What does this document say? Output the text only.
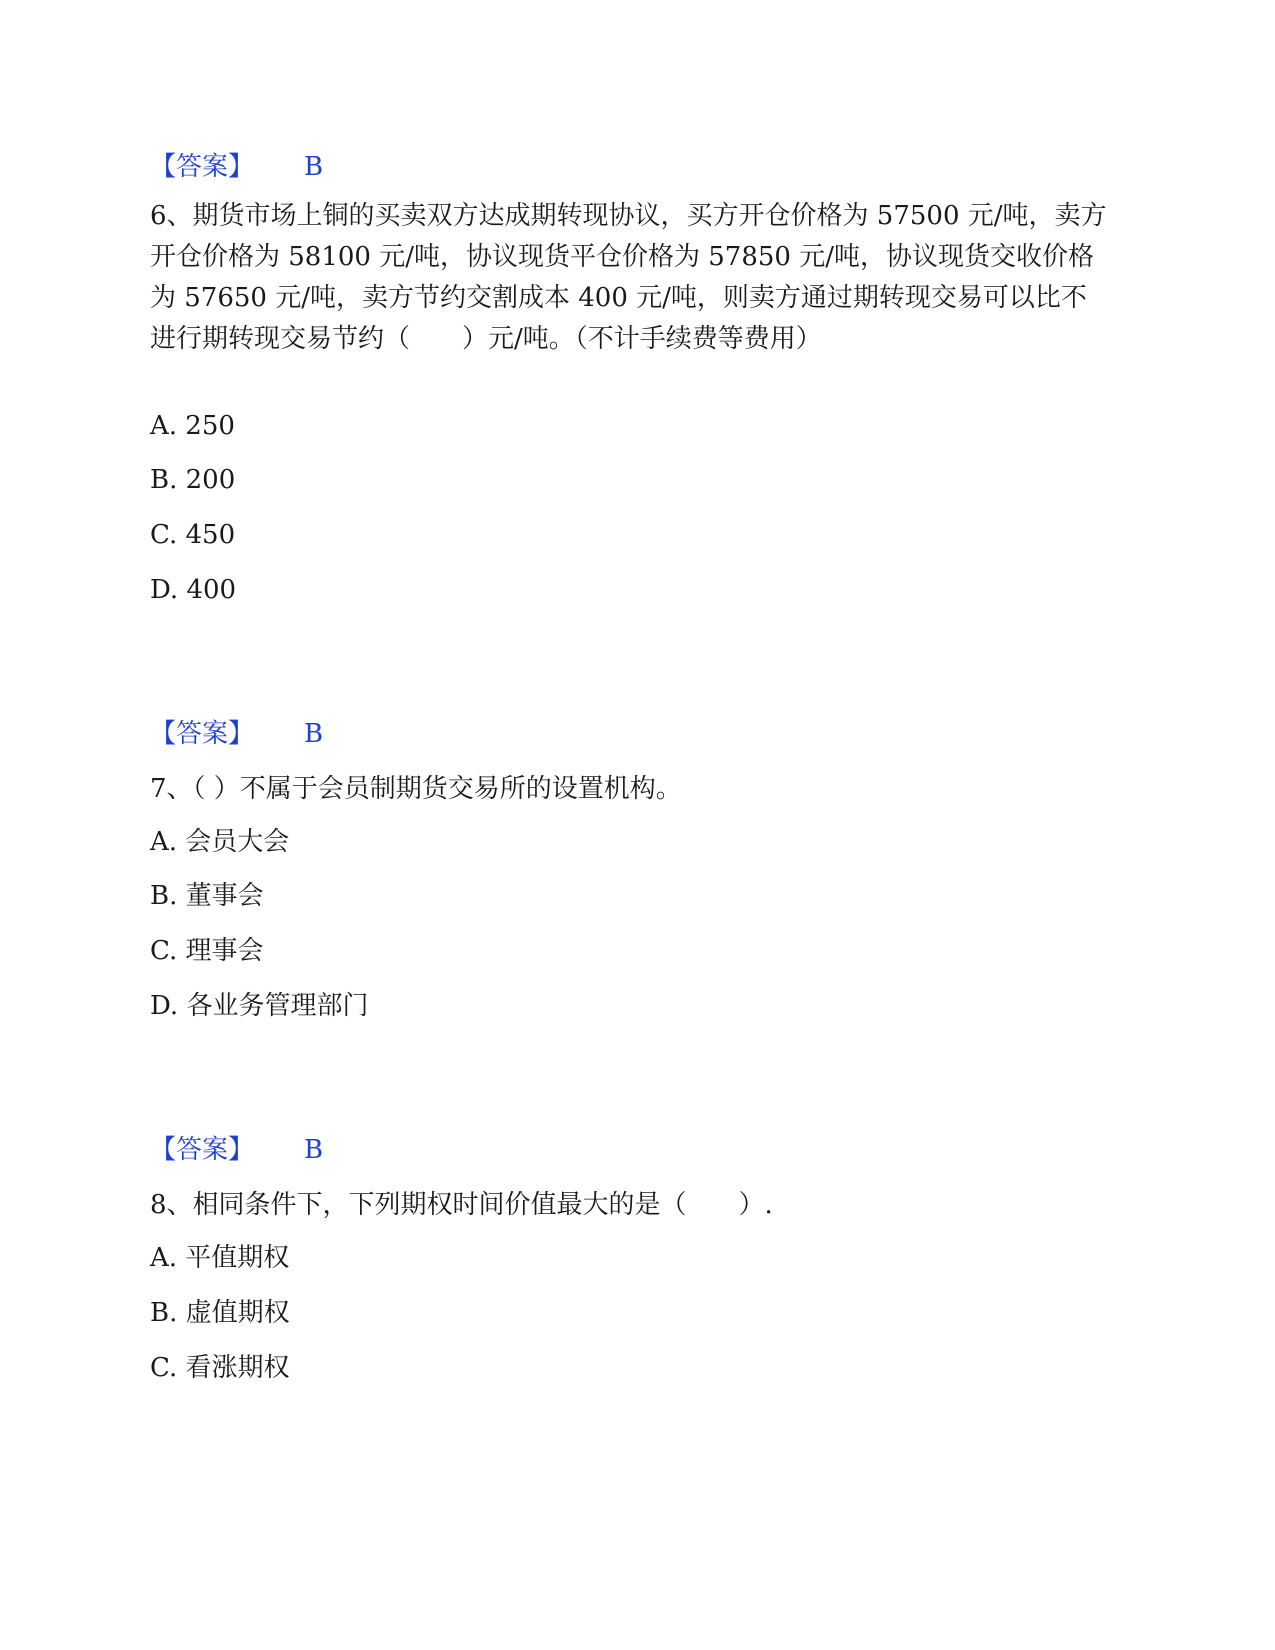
【答案】 B
6、期货市场上铜的买卖双方达成期转现协议，买方开仓价格为 57500 元/吨，卖方开仓价格为 58100 元/吨，协议现货平仓价格为 57850 元/吨，协议现货交收价格为 57650 元/吨，卖方节约交割成本 400 元/吨，则卖方通过期转现交易可以比不进行期转现交易节约（　　）元/吨。（不计手续费等费用）
A. 250
B. 200
C. 450
D. 400
【答案】 B
7、（ ）不属于会员制期货交易所的设置机构。
A. 会员大会
B. 董事会
C. 理事会
D. 各业务管理部门
【答案】 B
8、相同条件下，下列期权时间价值最大的是（　　）.
A. 平值期权
B. 虚值期权
C. 看涨期权
